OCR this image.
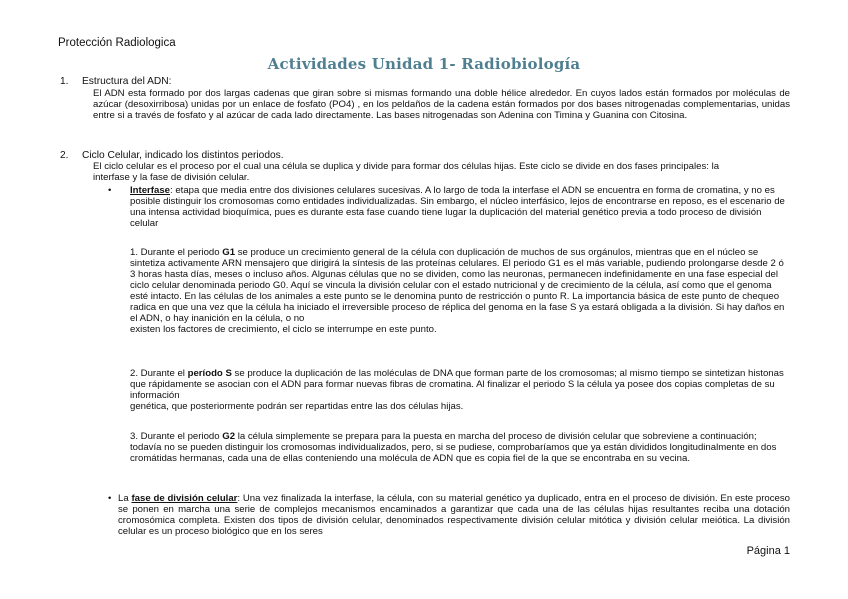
Protección Radiologica
Actividades Unidad 1- Radiobiología
1. Estructura del ADN:
El ADN esta formado por dos largas cadenas que giran sobre si mismas formando una doble hélice alrededor. En cuyos lados están formados por moléculas de azúcar (desoxirribosa) unidas por un enlace de fosfato (PO4) , en los peldaños de la cadena están formados por dos bases nitrogenadas complementarias, unidas entre si a través de fosfato y al azúcar de cada lado directamente. Las bases nitrogenadas son Adenina con Timina y Guanina con Citosina.
2. Ciclo Celular, indicado los distintos periodos.
El ciclo celular es el proceso por el cual una célula se duplica y divide para formar dos células hijas. Este ciclo se divide en dos fases principales: la interfase y la fase de división celular.
• Interfase: etapa que media entre dos divisiones celulares sucesivas. A lo largo de toda la interfase el ADN se encuentra en forma de cromatina, y no es posible distinguir los cromosomas como entidades individualizadas. Sin embargo, el núcleo interfásico, lejos de encontrarse en reposo, es el escenario de una intensa actividad bioquímica, pues es durante esta fase cuando tiene lugar la duplicación del material genético previa a todo proceso de división celular
1. Durante el periodo G1 se produce un crecimiento general de la célula con duplicación de muchos de sus orgánulos, mientras que en el núcleo se sintetiza activamente ARN mensajero que dirigirá la síntesis de las proteínas celulares. El periodo G1 es el más variable, pudiendo prolongarse desde 2 ó 3 horas hasta días, meses o incluso años. Algunas células que no se dividen, como las neuronas, permanecen indefinidamente en una fase especial del ciclo celular denominada periodo G0. Aquí se vincula la división celular con el estado nutricional y de crecimiento de la célula, así como que el genoma esté intacto. En las células de los animales a este punto se le denomina punto de restricción o punto R. La importancia básica de este punto de chequeo radica en que una vez que la célula ha iniciado el irreversible proceso de réplica del genoma en la fase S ya estará obligada a la división. Si hay daños en el ADN, o hay inanición en la célula, o no
existen los factores de crecimiento, el ciclo se interrumpe en este punto.
2. Durante el período S se produce la duplicación de las moléculas de DNA que forman parte de los cromosomas; al mismo tiempo se sintetizan histonas que rápidamente se asocian con el ADN para formar nuevas fibras de cromatina. Al finalizar el periodo S la célula ya posee dos copias completas de su información
genética, que posteriormente podrán ser repartidas entre las dos células hijas.
3. Durante el periodo G2 la célula simplemente se prepara para la puesta en marcha del proceso de división celular que sobreviene a continuación; todavía no se pueden distinguir los cromosomas individualizados, pero, si se pudiese, comprobaríamos que ya están divididos longitudinalmente en dos cromátidas hermanas, cada una de ellas conteniendo una molécula de ADN que es copia fiel de la que se encontraba en su vecina.
• La fase de división celular: Una vez finalizada la interfase, la célula, con su material genético ya duplicado, entra en el proceso de división. En este proceso se ponen en marcha una serie de complejos mecanismos encaminados a garantizar que cada una de las células hijas resultantes reciba una dotación cromosómica completa. Existen dos tipos de división celular, denominados respectivamente división celular mitótica y división celular meiótica. La división celular es un proceso biológico que en los seres
Página 1
